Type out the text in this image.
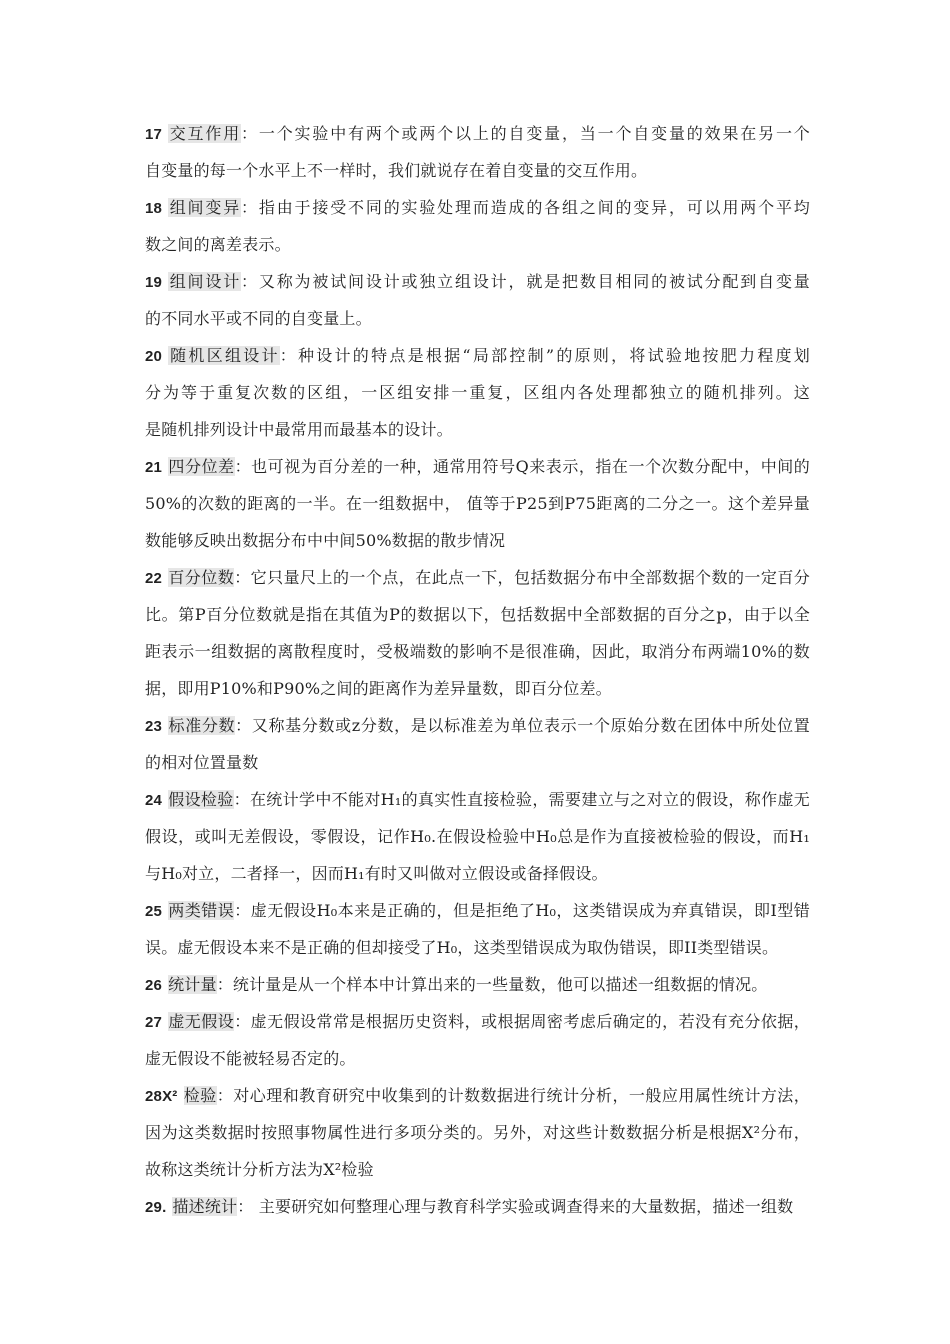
17 交互作用：一个实验中有两个或两个以上的自变量，当一个自变量的效果在另一个
自变量的每一个水平上不一样时，我们就说存在着自变量的交互作用。
18 组间变异：指由于接受不同的实验处理而造成的各组之间的变异，可以用两个平均
数之间的离差表示。
19 组间设计：又称为被试间设计或独立组设计，就是把数目相同的被试分配到自变量
的不同水平或不同的自变量上。
20 随机区组设计：种设计的特点是根据“局部控制”的原则，将试验地按肥力程度划
分为等于重复次数的区组，一区组安排一重复，区组内各处理都独立的随机排列。这
是随机排列设计中最常用而最基本的设计。
21 四分位差：也可视为百分差的一种，通常用符号Q来表示，指在一个次数分配中，中间的
50%的次数的距离的一半。在一组数据中， 值等于P25到P75距离的二分之一。这个差异量
数能够反映出数据分布中中间50%数据的散步情况
22 百分位数：它只量尺上的一个点，在此点一下，包括数据分布中全部数据个数的一定百分
比。第P百分位数就是指在其值为P的数据以下，包括数据中全部数据的百分之p，由于以全
距表示一组数据的离散程度时，受极端数的影响不是很准确，因此，取消分布两端10%的数
据，即用P10%和P90%之间的距离作为差异量数，即百分位差。
23 标准分数：又称基分数或z分数，是以标准差为单位表示一个原始分数在团体中所处位置
的相对位置量数
24 假设检验：在统计学中不能对H₁的真实性直接检验，需要建立与之对立的假设，称作虚无
假设，或叫无差假设，零假设，记作H₀.在假设检验中H₀总是作为直接被检验的假设，而H₁
与H₀对立，二者择一，因而H₁有时又叫做对立假设或备择假设。
25 两类错误：虚无假设H₀本来是正确的，但是拒绝了H₀，这类错误成为弃真错误，即I型错
误。虚无假设本来不是正确的但却接受了H₀，这类型错误成为取伪错误，即II类型错误。
26 统计量：统计量是从一个样本中计算出来的一些量数，他可以描述一组数据的情况。
27 虚无假设：虚无假设常常是根据历史资料，或根据周密考虑后确定的，若没有充分依据，
虚无假设不能被轻易否定的。
28X² 检验：对心理和教育研究中收集到的计数数据进行统计分析，一般应用属性统计方法，
因为这类数据时按照事物属性进行多项分类的。另外，对这些计数数据分析是根据X²分布，
故称这类统计分析方法为X²检验
29. 描述统计： 主要研究如何整理心理与教育科学实验或调查得来的大量数据，描述一组数
